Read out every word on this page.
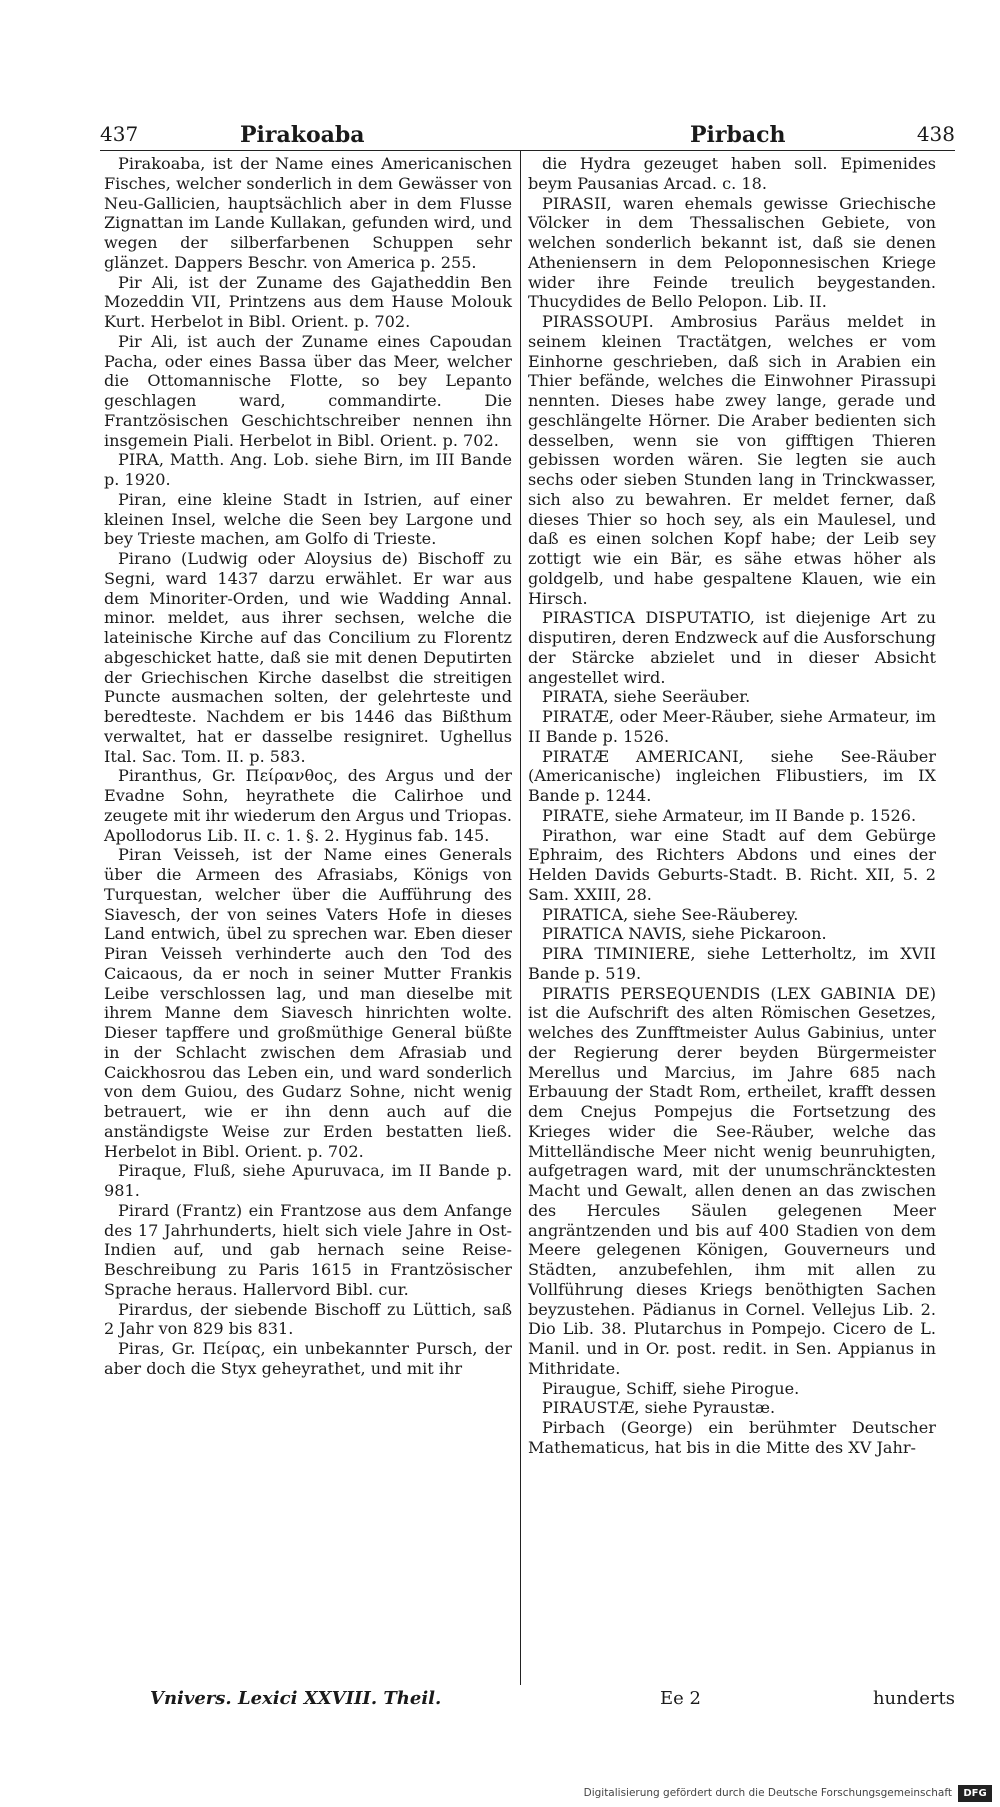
437	Pirakoaba	Pirbach	438

Pirakoaba, ist der Name eines Americanischen Fisches, welcher sonderlich in dem Gewässer von Neu-Gallicien, hauptsächlich aber in dem Flusse Zignattan im Lande Kullakan, gefunden wird, und wegen der silberfarbenen Schuppen sehr glänzet. Dappers Beschr. von America p. 255.

Pir Ali, ist der Zuname des Gajatheddin Ben Mozeddin VII, Printzens aus dem Hause Molouk Kurt. Herbelot in Bibl. Orient. p. 702.

Pir Ali, ist auch der Zuname eines Capoudan Pacha, oder eines Bassa über das Meer, welcher die Ottomannische Flotte, so bey Lepanto geschlagen ward, commandirte. Die Frantzösischen Geschichtschreiber nennen ihn insgemein Piali. Herbelot in Bibl. Orient. p. 702.

PIRA, Matth. Ang. Lob. siehe Birn, im III Bande p. 1920.

Piran, eine kleine Stadt in Istrien, auf einer kleinen Insel, welche die Seen bey Largone und bey Trieste machen, am Golfo di Trieste.

Pirano (Ludwig oder Aloysius de) Bischoff zu Segni, ward 1437 darzu erwählet. Er war aus dem Minoriter-Orden, und wie Wadding Annal. minor. meldet, aus ihrer sechsen, welche die lateinische Kirche auf das Concilium zu Florentz abgeschicket hatte, daß sie mit denen Deputirten der Griechischen Kirche daselbst die streitigen Puncte ausmachen solten, der gelehrteste und beredteste. Nachdem er bis 1446 das Bißthum verwaltet, hat er dasselbe resigniret. Ughellus Ital. Sac. Tom. II. p. 583.

Piranthus, Gr. Πείρανθος, des Argus und der Evadne Sohn, heyrathete die Calirhoe und zeugete mit ihr wiederum den Argus und Triopas. Apollodorus Lib. II. c. 1. §. 2. Hyginus fab. 145.

Piran Veisseh, ist der Name eines Generals über die Armeen des Afrasiabs, Königs von Turquestan, welcher über die Aufführung des Siavesch, der von seines Vaters Hofe in dieses Land entwich, übel zu sprechen war. Eben dieser Piran Veisseh verhinderte auch den Tod des Caicaous, da er noch in seiner Mutter Frankis Leibe verschlossen lag, und man dieselbe mit ihrem Manne dem Siavesch hinrichten wolte. Dieser tapffere und großmüthige General büßte in der Schlacht zwischen dem Afrasiab und Caickhosrou das Leben ein, und ward sonderlich von dem Guiou, des Gudarz Sohne, nicht wenig betrauert, wie er ihn denn auch auf die anständigste Weise zur Erden bestatten ließ. Herbelot in Bibl. Orient. p. 702.

Piraque, Fluß, siehe Apuruvaca, im II Bande p. 981.

Pirard (Frantz) ein Frantzose aus dem Anfange des 17 Jahrhunderts, hielt sich viele Jahre in Ost-Indien auf, und gab hernach seine Reise-Beschreibung zu Paris 1615 in Frantzösischer Sprache heraus. Hallervord Bibl. cur.

Pirardus, der siebende Bischoff zu Lüttich, saß 2 Jahr von 829 bis 831.

Piras, Gr. Πείρας, ein unbekannter Pursch, der aber doch die Styx geheyrathet, und mit ihr

die Hydra gezeuget haben soll. Epimenides beym Pausanias Arcad. c. 18.

PIRASII, waren ehemals gewisse Griechische Völcker in dem Thessalischen Gebiete, von welchen sonderlich bekannt ist, daß sie denen Atheniensern in dem Peloponnesischen Kriege wider ihre Feinde treulich beygestanden. Thucydides de Bello Pelopon. Lib. II.

PIRASSOUPI. Ambrosius Paräus meldet in seinem kleinen Tractätgen, welches er vom Einhorne geschrieben, daß sich in Arabien ein Thier befände, welches die Einwohner Pirassupi nennten. Dieses habe zwey lange, gerade und geschlängelte Hörner. Die Araber bedienten sich desselben, wenn sie von gifftigen Thieren gebissen worden wären. Sie legten sie auch sechs oder sieben Stunden lang in Trinckwasser, sich also zu bewahren. Er meldet ferner, daß dieses Thier so hoch sey, als ein Maulesel, und daß es einen solchen Kopf habe; der Leib sey zottigt wie ein Bär, es sähe etwas höher als goldgelb, und habe gespaltene Klauen, wie ein Hirsch.

PIRASTICA DISPUTATIO, ist diejenige Art zu disputiren, deren Endzweck auf die Ausforschung der Stärcke abzielet und in dieser Absicht angestellet wird.

PIRATA, siehe Seeräuber.

PIRATÆ, oder Meer-Räuber, siehe Armateur, im II Bande p. 1526.

PIRATÆ AMERICANI, siehe See-Räuber (Americanische) ingleichen Flibustiers, im IX Bande p. 1244.

PIRATE, siehe Armateur, im II Bande p. 1526.

Pirathon, war eine Stadt auf dem Gebürge Ephraim, des Richters Abdons und eines der Helden Davids Geburts-Stadt. B. Richt. XII, 5. 2 Sam. XXIII, 28.

PIRATICA, siehe See-Räuberey.

PIRATICA NAVIS, siehe Pickaroon.

PIRA TIMINIERE, siehe Letterholtz, im XVII Bande p. 519.

PIRATIS PERSEQUENDIS (LEX GABINIA DE) ist die Aufschrift des alten Römischen Gesetzes, welches des Zunfftmeister Aulus Gabinius, unter der Regierung derer beyden Bürgermeister Merellus und Marcius, im Jahre 685 nach Erbauung der Stadt Rom, ertheilet, krafft dessen dem Cnejus Pompejus die Fortsetzung des Krieges wider die See-Räuber, welche das Mittelländische Meer nicht wenig beunruhigten, aufgetragen ward, mit der unumschräncktesten Macht und Gewalt, allen denen an das zwischen des Hercules Säulen gelegenen Meer angräntzenden und bis auf 400 Stadien von dem Meere gelegenen Königen, Gouverneurs und Städten, anzubefehlen, ihm mit allen zu Vollführung dieses Kriegs benöthigten Sachen beyzustehen. Pädianus in Cornel. Vellejus Lib. 2. Dio Lib. 38. Plutarchus in Pompejo. Cicero de L. Manil. und in Or. post. redit. in Sen. Appianus in Mithridate.

Piraugue, Schiff, siehe Pirogue.

PIRAUSTÆ, siehe Pyraustæ.

Pirbach (George) ein berühmter Deutscher Mathematicus, hat bis in die Mitte des XV Jahr-

Vnivers. Lexici XXVIII. Theil.	Ee 2	hunderts
Digitalisierung gefördert durch die Deutsche Forschungsgemeinschaft	DFG
